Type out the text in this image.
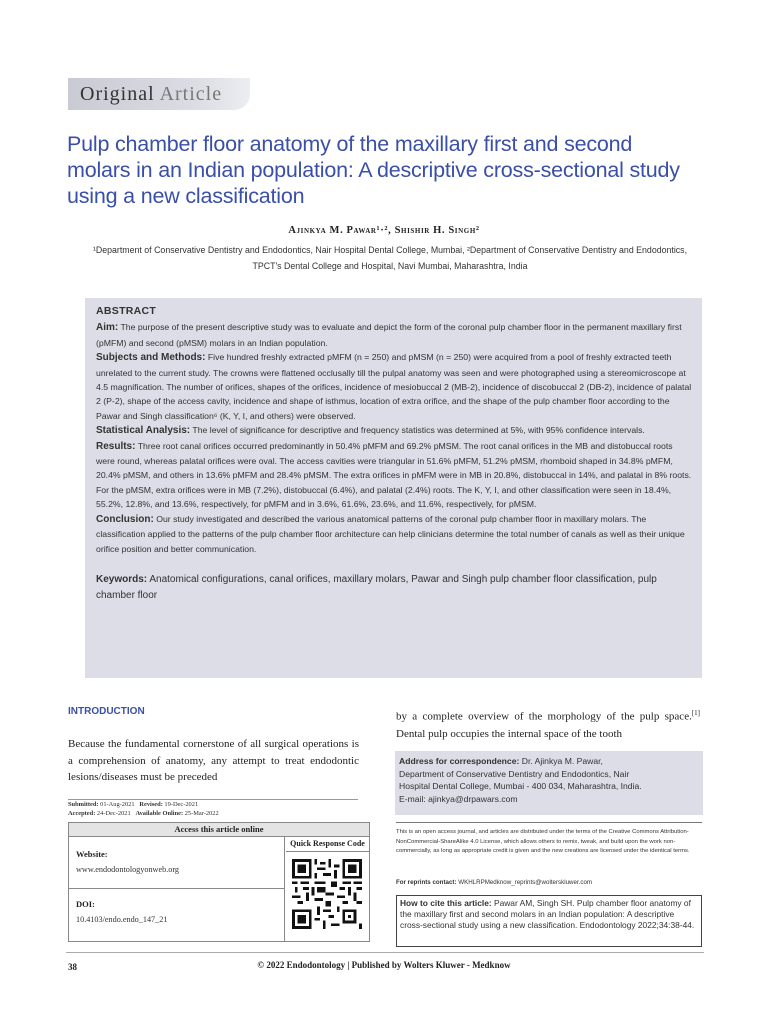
Original Article
Pulp chamber floor anatomy of the maxillary first and second molars in an Indian population: A descriptive cross-sectional study using a new classification
Ajinkya M. Pawar¹·², Shishir H. Singh²
¹Department of Conservative Dentistry and Endodontics, Nair Hospital Dental College, Mumbai, ²Department of Conservative Dentistry and Endodontics, TPCT's Dental College and Hospital, Navi Mumbai, Maharashtra, India
ABSTRACT

Aim: The purpose of the present descriptive study was to evaluate and depict the form of the coronal pulp chamber floor in the permanent maxillary first (pMFM) and second (pMSM) molars in an Indian population.

Subjects and Methods: Five hundred freshly extracted pMFM (n = 250) and pMSM (n = 250) were acquired from a pool of freshly extracted teeth unrelated to the current study. The crowns were flattened occlusally till the pulpal anatomy was seen and were photographed using a stereomicroscope at 4.5 magnification. The number of orifices, shapes of the orifices, incidence of mesiobuccal 2 (MB-2), incidence of discobuccal 2 (DB-2), incidence of palatal 2 (P-2), shape of the access cavity, incidence and shape of isthmus, location of extra orifice, and the shape of the pulp chamber floor according to the Pawar and Singh classification⁶ (K, Y, I, and others) were observed.

Statistical Analysis: The level of significance for descriptive and frequency statistics was determined at 5%, with 95% confidence intervals.

Results: Three root canal orifices occurred predominantly in 50.4% pMFM and 69.2% pMSM. The root canal orifices in the MB and distobuccal roots were round, whereas palatal orifices were oval. The access cavities were triangular in 51.6% pMFM, 51.2% pMSM, rhomboid shaped in 34.8% pMFM, 20.4% pMSM, and others in 13.6% pMFM and 28.4% pMSM. The extra orifices in pMFM were in MB in 20.8%, distobuccal in 14%, and palatal in 8% roots. For the pMSM, extra orifices were in MB (7.2%), distobuccal (6.4%), and palatal (2.4%) roots. The K, Y, I, and other classification were seen in 18.4%, 55.2%, 12.8%, and 13.6%, respectively, for pMFM and in 3.6%, 61.6%, 23.6%, and 11.6%, respectively, for pMSM.

Conclusion: Our study investigated and described the various anatomical patterns of the coronal pulp chamber floor in maxillary molars. The classification applied to the patterns of the pulp chamber floor architecture can help clinicians determine the total number of canals as well as their unique orifice position and better communication.

Keywords: Anatomical configurations, canal orifices, maxillary molars, Pawar and Singh pulp chamber floor classification, pulp chamber floor

INTRODUCTION

Because the fundamental cornerstone of all surgical operations is a comprehension of anatomy, any attempt to treat endodontic lesions/diseases must be preceded

by a complete overview of the morphology of the pulp space.[1] Dental pulp occupies the internal space of the tooth

Address for correspondence: Dr. Ajinkya M. Pawar,
Department of Conservative Dentistry and Endodontics, Nair
Hospital Dental College, Mumbai - 400 034, Maharashtra, India.
E-mail: ajinkya@drpawars.com
Submitted: 01-Aug-2021 Revised: 19-Dec-2021
Accepted: 24-Dec-2021 Available Online: 25-Mar-2022
Access this article online
Website:
www.endodontologyonweb.org
DOI:
10.4103/endo.endo_147_21
Quick Response Code

This is an open access journal, and articles are distributed under the terms of the Creative Commons Attribution-NonCommercial-ShareAlike 4.0 License, which allows others to remix, tweak, and build upon the work non-commercially, as long as appropriate credit is given and the new creations are licensed under the identical terms.

For reprints contact: WKHLRPMedknow_reprints@wolterskluwer.com
How to cite this article: Pawar AM, Singh SH. Pulp chamber floor anatomy of the maxillary first and second molars in an Indian population: A descriptive cross-sectional study using a new classification. Endodontology 2022;34:38-44.
38	© 2022 Endodontology | Published by Wolters Kluwer - Medknow
